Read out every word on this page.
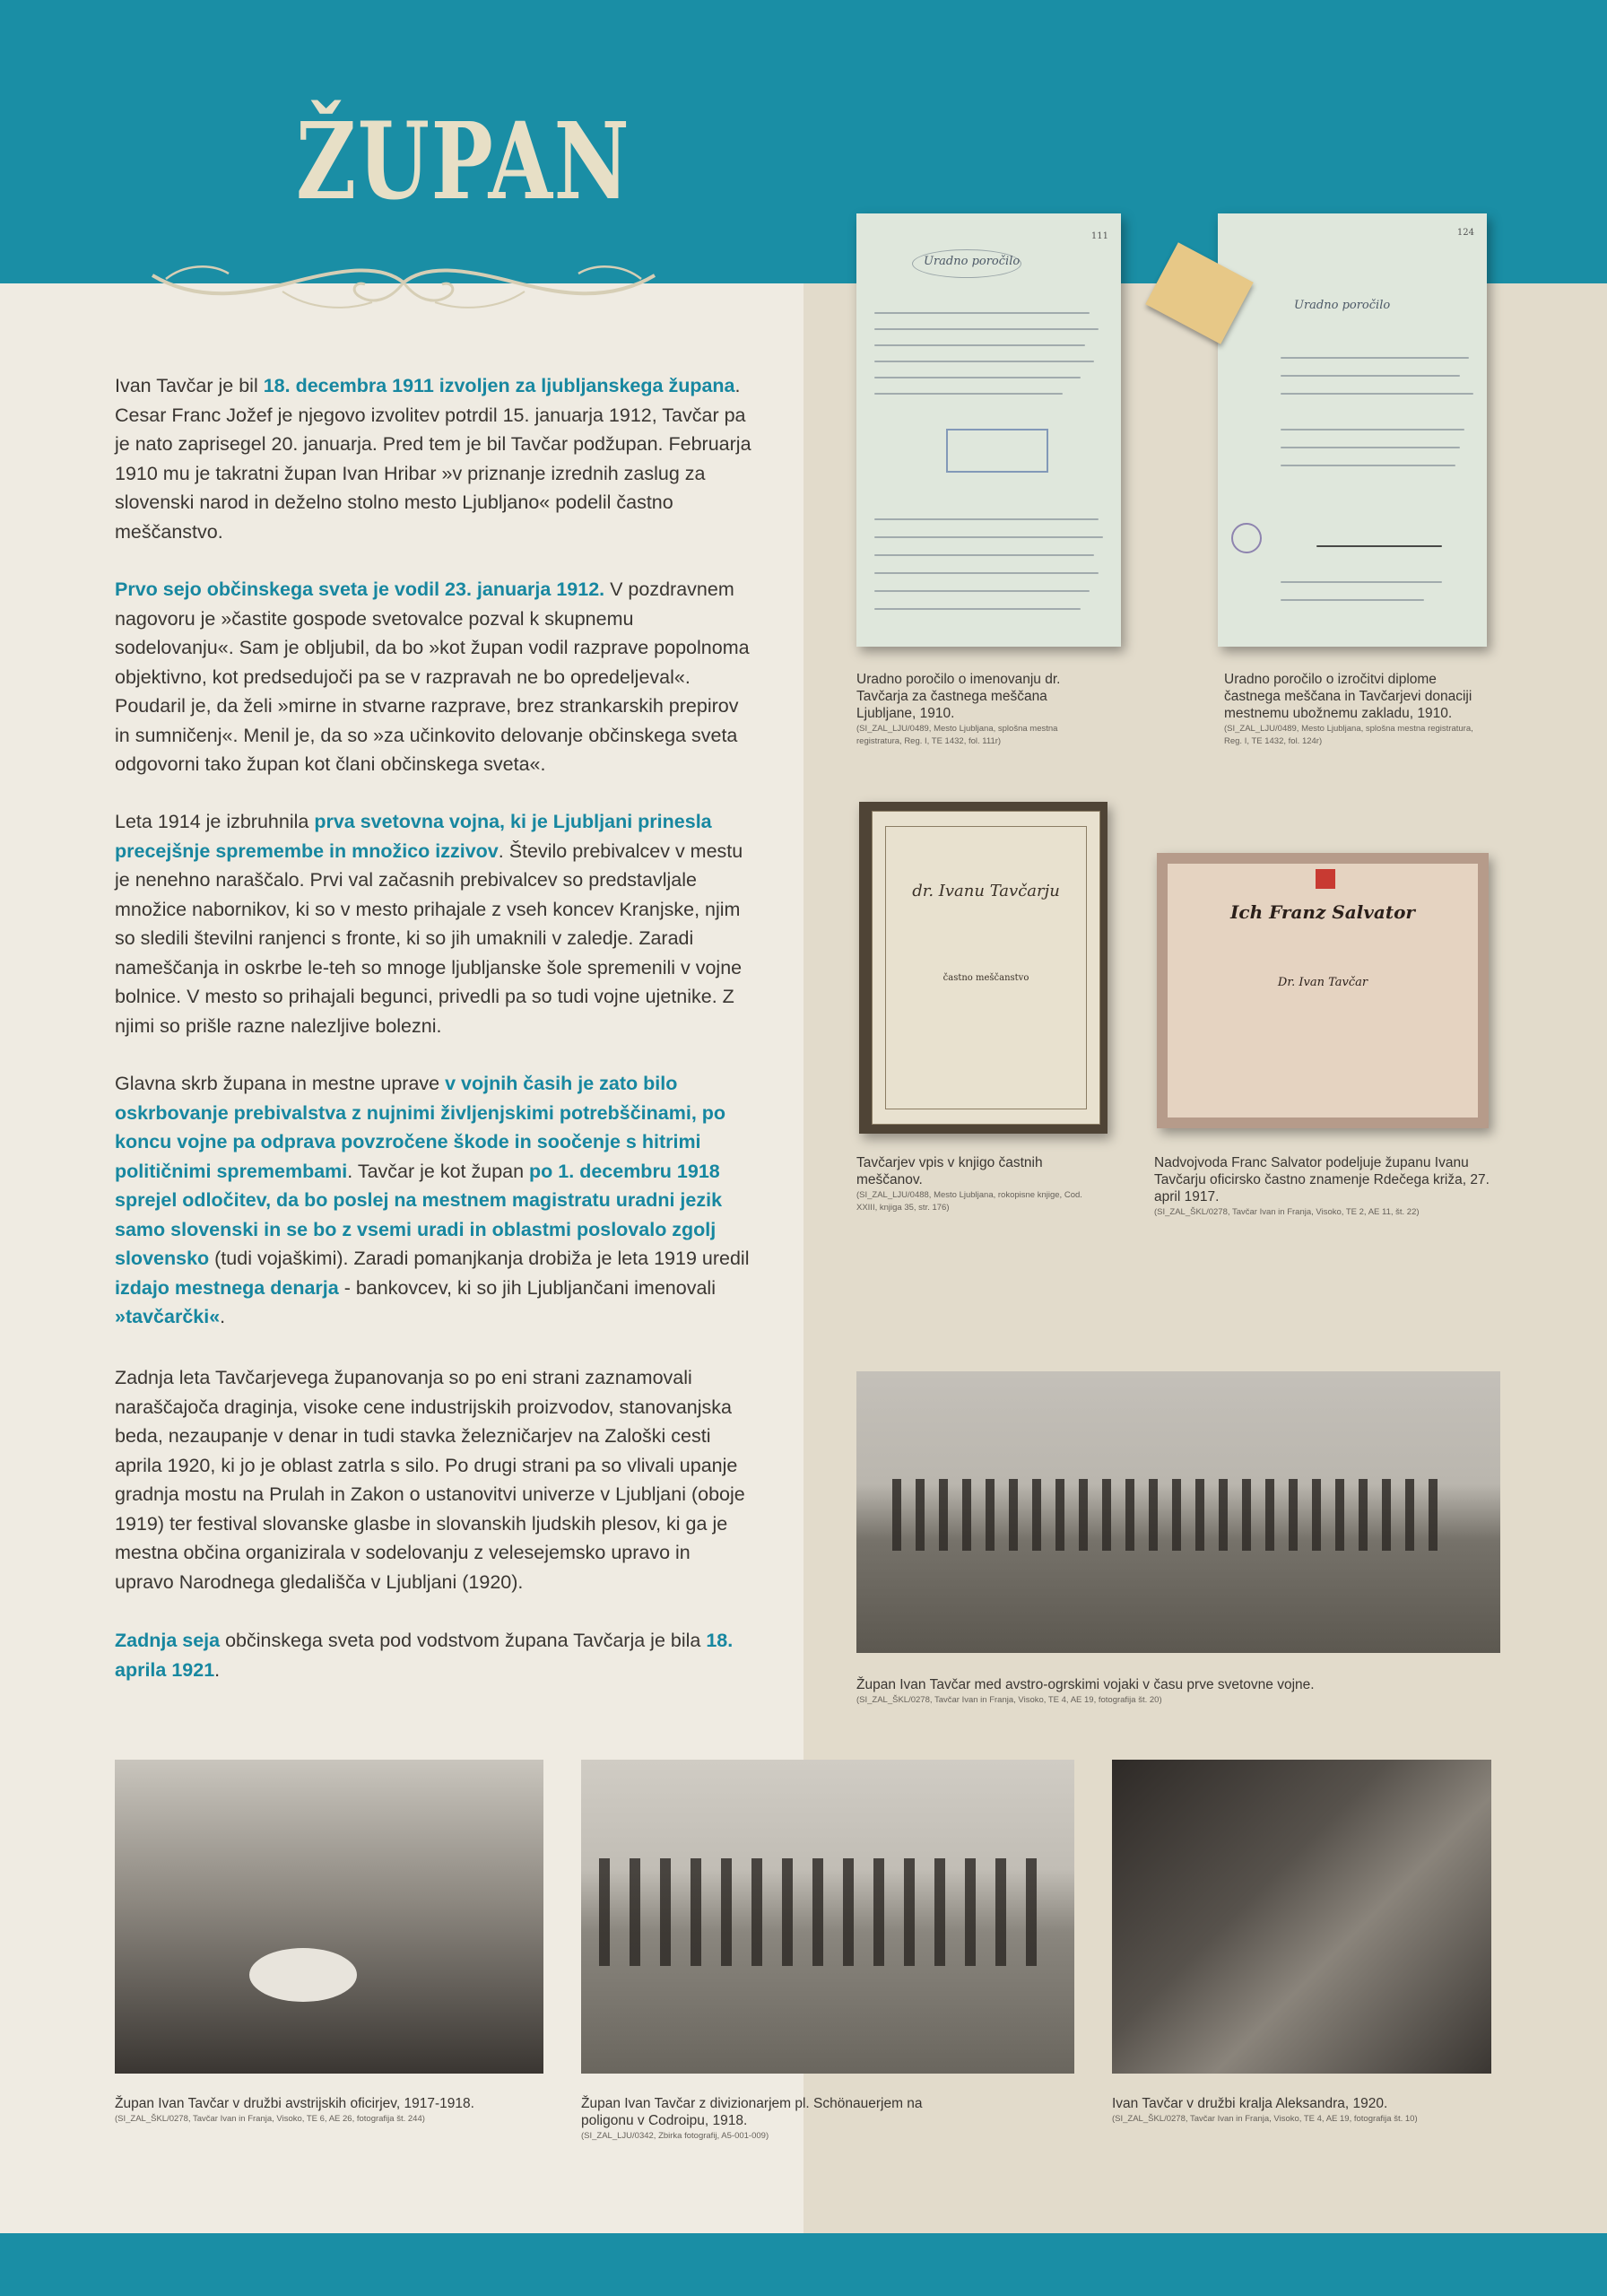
ŽUPAN

Ivan Tavčar je bil 18. decembra 1911 izvoljen za ljubljanskega župana. Cesar Franc Jožef je njegovo izvolitev potrdil 15. januarja 1912, Tavčar pa je nato zaprisegel 20. januarja. Pred tem je bil Tavčar podžupan. Februarja 1910 mu je takratni župan Ivan Hribar »v priznanje izrednih zaslug za slovenski narod in deželno stolno mesto Ljubljano« podelil častno meščanstvo.

Prvo sejo občinskega sveta je vodil 23. januarja 1912. V pozdravnem nagovoru je »častite gospode svetovalce pozval k skupnemu sodelovanju«. Sam je obljubil, da bo »kot župan vodil razprave popolnoma objektivno, kot predsedujoči pa se v razpravah ne bo opredeljeval«. Poudaril je, da želi »mirne in stvarne razprave, brez strankarskih prepirov in sumničenj«. Menil je, da so »za učinkovito delovanje občinskega sveta odgovorni tako župan kot člani občinskega sveta«.

Leta 1914 je izbruhnila prva svetovna vojna, ki je Ljubljani prinesla precejšnje spremembe in množico izzivov. Število prebivalcev v mestu je nenehno naraščalo. Prvi val začasnih prebivalcev so predstavljale množice nabornikov, ki so v mesto prihajale z vseh koncev Kranjske, njim so sledili številni ranjenci s fronte, ki so jih umaknili v zaledje. Zaradi nameščanja in oskrbe le-teh so mnoge ljubljanske šole spremenili v vojne bolnice. V mesto so prihajali begunci, privedli pa so tudi vojne ujetnike. Z njimi so prišle razne nalezljive bolezni.

Glavna skrb župana in mestne uprave v vojnih časih je zato bilo oskrbovanje prebivalstva z nujnimi življenjskimi potrebščinami, po koncu vojne pa odprava povzročene škode in soočenje s hitrimi političnimi spremembami. Tavčar je kot župan po 1. decembru 1918 sprejel odločitev, da bo poslej na mestnem magistratu uradni jezik samo slovenski in se bo z vsemi uradi in oblastmi poslovalo zgolj slovensko (tudi vojaškimi). Zaradi pomanjkanja drobiža je leta 1919 uredil izdajo mestnega denarja - bankovcev, ki so jih Ljubljančani imenovali »tavčarčki«.

Zadnja leta Tavčarjevega županovanja so po eni strani zaznamovali naraščajoča draginja, visoke cene industrijskih proizvodov, stanovanjska beda, nezaupanje v denar in tudi stavka železničarjev na Zaloški cesti aprila 1920, ki jo je oblast zatrla s silo. Po drugi strani pa so vlivali upanje gradnja mostu na Prulah in Zakon o ustanovitvi univerze v Ljubljani (oboje 1919) ter festival slovanske glasbe in slovanskih ljudskih plesov, ki ga je mestna občina organizirala v sodelovanju z velesejemsko upravo in upravo Narodnega gledališča v Ljubljani (1920).

Zadnja seja občinskega sveta pod vodstvom župana Tavčarja je bila 18. aprila 1921.

111
Uradno poročilo
Uradno poročilo o imenovanju dr. Tavčarja za častnega meščana Ljubljane, 1910.
(SI_ZAL_LJU/0489, Mesto Ljubljana, splošna mestna registratura, Reg. I, TE 1432, fol. 111r)
124
Uradno poročilo
Uradno poročilo o izročitvi diplome častnega meščana in Tavčarjevi donaciji mestnemu ubožnemu zakladu, 1910.
(SI_ZAL_LJU/0489, Mesto Ljubljana, splošna mestna registratura, Reg. I, TE 1432, fol. 124r)
dr. Ivanu Tavčarju
častno meščanstvo
Tavčarjev vpis v knjigo častnih meščanov.
(SI_ZAL_LJU/0488, Mesto Ljubljana, rokopisne knjige, Cod. XXIII, knjiga 35, str. 176)
Ich Franz Salvator
Dr. Ivan Tavčar
Nadvojvoda Franc Salvator podeljuje županu Ivanu Tavčarju oficirsko častno znamenje Rdečega križa, 27. april 1917.
(SI_ZAL_ŠKL/0278, Tavčar Ivan in Franja, Visoko, TE 2, AE 11, št. 22)
Župan Ivan Tavčar med avstro-ogrskimi vojaki v času prve svetovne vojne.
(SI_ZAL_ŠKL/0278, Tavčar Ivan in Franja, Visoko, TE 4, AE 19, fotografija št. 20)
Župan Ivan Tavčar v družbi avstrijskih oficirjev, 1917-1918.
(SI_ZAL_ŠKL/0278, Tavčar Ivan in Franja, Visoko, TE 6, AE 26, fotografija št. 244)
Župan Ivan Tavčar z divizionarjem pl. Schönauerjem na poligonu v Codroipu, 1918.
(SI_ZAL_LJU/0342, Zbirka fotografij, A5-001-009)
Ivan Tavčar v družbi kralja Aleksandra, 1920.
(SI_ZAL_ŠKL/0278, Tavčar Ivan in Franja, Visoko, TE 4, AE 19, fotografija št. 10)
